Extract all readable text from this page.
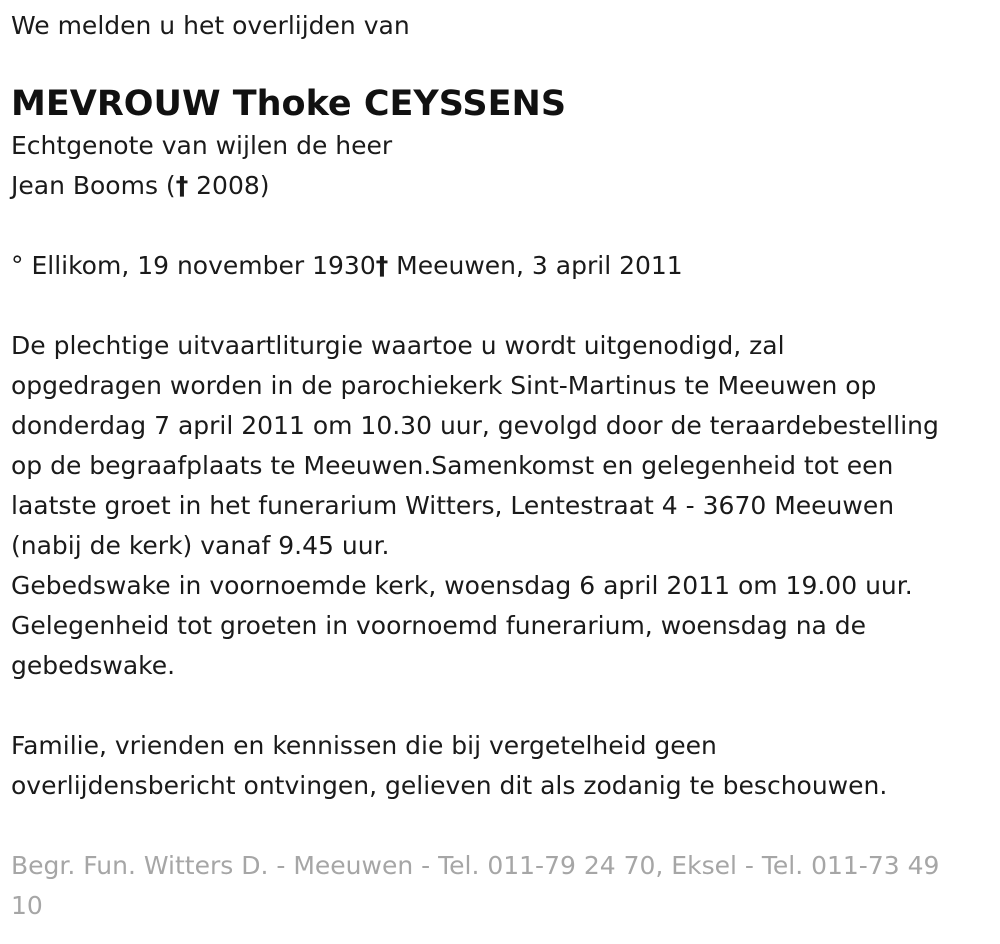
We melden u het overlijden van

MEVROUW Thoke CEYSSENS

Echtgenote van wijlen de heer

Jean Booms († 2008)

° Ellikom, 19 november 1930† Meeuwen, 3 april 2011

De plechtige uitvaartliturgie waartoe u wordt uitgenodigd, zal

opgedragen worden in de parochiekerk Sint-Martinus te Meeuwen op

donderdag 7 april 2011 om 10.30 uur, gevolgd door de teraardebestelling

op de begraafplaats te Meeuwen.Samenkomst en gelegenheid tot een

laatste groet in het funerarium Witters, Lentestraat 4 - 3670 Meeuwen

(nabij de kerk) vanaf 9.45 uur.

Gebedswake in voornoemde kerk, woensdag 6 april 2011 om 19.00 uur.

Gelegenheid tot groeten in voornoemd funerarium, woensdag na de

gebedswake.

Familie, vrienden en kennissen die bij vergetelheid geen

overlijdensbericht ontvingen, gelieven dit als zodanig te beschouwen.

Begr. Fun. Witters D. - Meeuwen - Tel. 011-79 24 70, Eksel - Tel. 011-73 49

10
